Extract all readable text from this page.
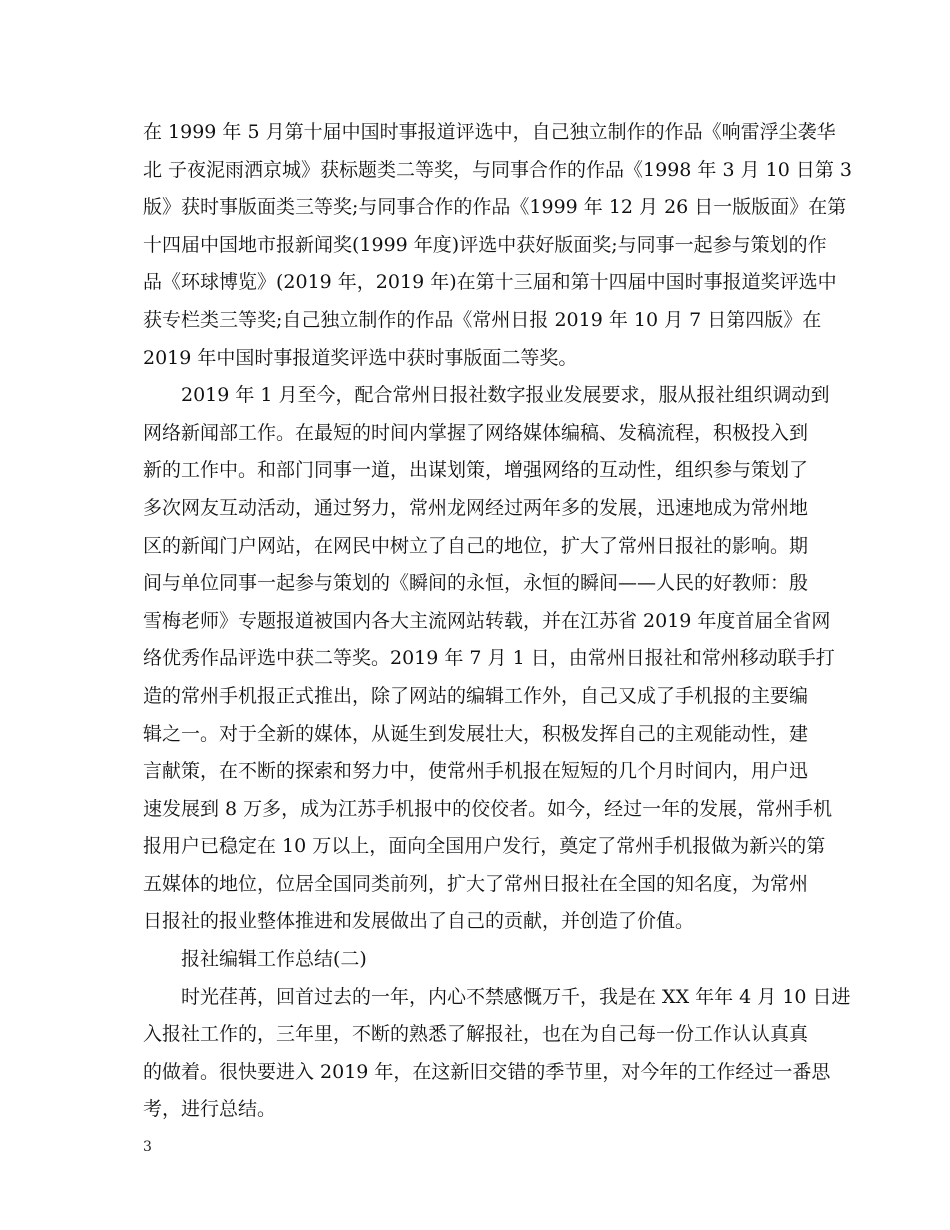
在 1999 年 5 月第十届中国时事报道评选中，自己独立制作的作品《响雷浮尘袭华
北 子夜泥雨洒京城》获标题类二等奖，与同事合作的作品《1998 年 3 月 10 日第 3
版》获时事版面类三等奖;与同事合作的作品《1999 年 12 月 26 日一版版面》在第
十四届中国地市报新闻奖(1999 年度)评选中获好版面奖;与同事一起参与策划的作
品《环球博览》(2019 年，2019 年)在第十三届和第十四届中国时事报道奖评选中
获专栏类三等奖;自己独立制作的作品《常州日报 2019 年 10 月 7 日第四版》在
2019 年中国时事报道奖评选中获时事版面二等奖。
2019 年 1 月至今，配合常州日报社数字报业发展要求，服从报社组织调动到
网络新闻部工作。在最短的时间内掌握了网络媒体编稿、发稿流程，积极投入到
新的工作中。和部门同事一道，出谋划策，增强网络的互动性，组织参与策划了
多次网友互动活动，通过努力，常州龙网经过两年多的发展，迅速地成为常州地
区的新闻门户网站，在网民中树立了自己的地位，扩大了常州日报社的影响。期
间与单位同事一起参与策划的《瞬间的永恒，永恒的瞬间——人民的好教师：殷
雪梅老师》专题报道被国内各大主流网站转载，并在江苏省 2019 年度首届全省网
络优秀作品评选中获二等奖。2019 年 7 月 1 日，由常州日报社和常州移动联手打
造的常州手机报正式推出，除了网站的编辑工作外，自己又成了手机报的主要编
辑之一。对于全新的媒体，从诞生到发展壮大，积极发挥自己的主观能动性，建
言献策，在不断的探索和努力中，使常州手机报在短短的几个月时间内，用户迅
速发展到 8 万多，成为江苏手机报中的佼佼者。如今，经过一年的发展，常州手机
报用户已稳定在 10 万以上，面向全国用户发行，奠定了常州手机报做为新兴的第
五媒体的地位，位居全国同类前列，扩大了常州日报社在全国的知名度，为常州
日报社的报业整体推进和发展做出了自己的贡献，并创造了价值。
报社编辑工作总结(二)
时光荏苒，回首过去的一年，内心不禁感慨万千，我是在 XX 年年 4 月 10 日进
入报社工作的，三年里，不断的熟悉了解报社，也在为自己每一份工作认认真真
的做着。很快要进入 2019 年，在这新旧交错的季节里，对今年的工作经过一番思
考，进行总结。
3
